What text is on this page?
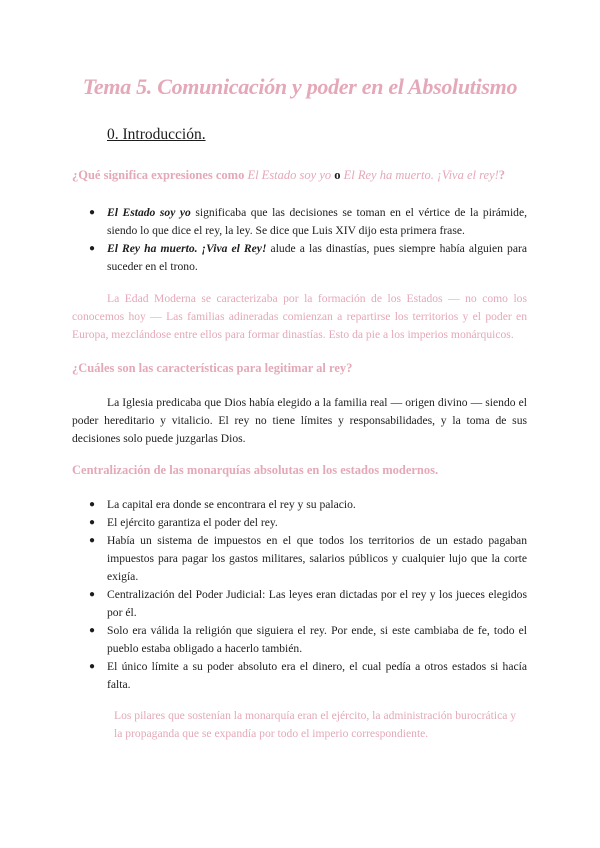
Tema 5. Comunicación y poder en el Absolutismo
0. Introducción.
¿Qué significa expresiones como El Estado soy yo o El Rey ha muerto. ¡Viva el rey!?
● El Estado soy yo significaba que las decisiones se toman en el vértice de la pirámide, siendo lo que dice el rey, la ley. Se dice que Luis XIV dijo esta primera frase.
● El Rey ha muerto. ¡Viva el Rey! alude a las dinastías, pues siempre había alguien para suceder en el trono.

La Edad Moderna se caracterizaba por la formación de los Estados — no como los conocemos hoy — Las familias adineradas comienzan a repartirse los territorios y el poder en Europa, mezclándose entre ellos para formar dinastías. Esto da pie a los imperios monárquicos.

¿Cuáles son las características para legitimar al rey?

La Iglesia predicaba que Dios había elegido a la familia real — origen divino — siendo el poder hereditario y vitalicio. El rey no tiene límites y responsabilidades, y la toma de sus decisiones solo puede juzgarlas Dios.

Centralización de las monarquías absolutas en los estados modernos.
● La capital era donde se encontrara el rey y su palacio.
● El ejército garantiza el poder del rey.
● Había un sistema de impuestos en el que todos los territorios de un estado pagaban impuestos para pagar los gastos militares, salarios públicos y cualquier lujo que la corte exigía.
● Centralización del Poder Judicial: Las leyes eran dictadas por el rey y los jueces elegidos por él.
● Solo era válida la religión que siguiera el rey. Por ende, si este cambiaba de fe, todo el pueblo estaba obligado a hacerlo también.
● El único límite a su poder absoluto era el dinero, el cual pedía a otros estados si hacía falta.

Los pilares que sostenían la monarquía eran el ejército, la administración burocrática y la propaganda que se expandía por todo el imperio correspondiente.
